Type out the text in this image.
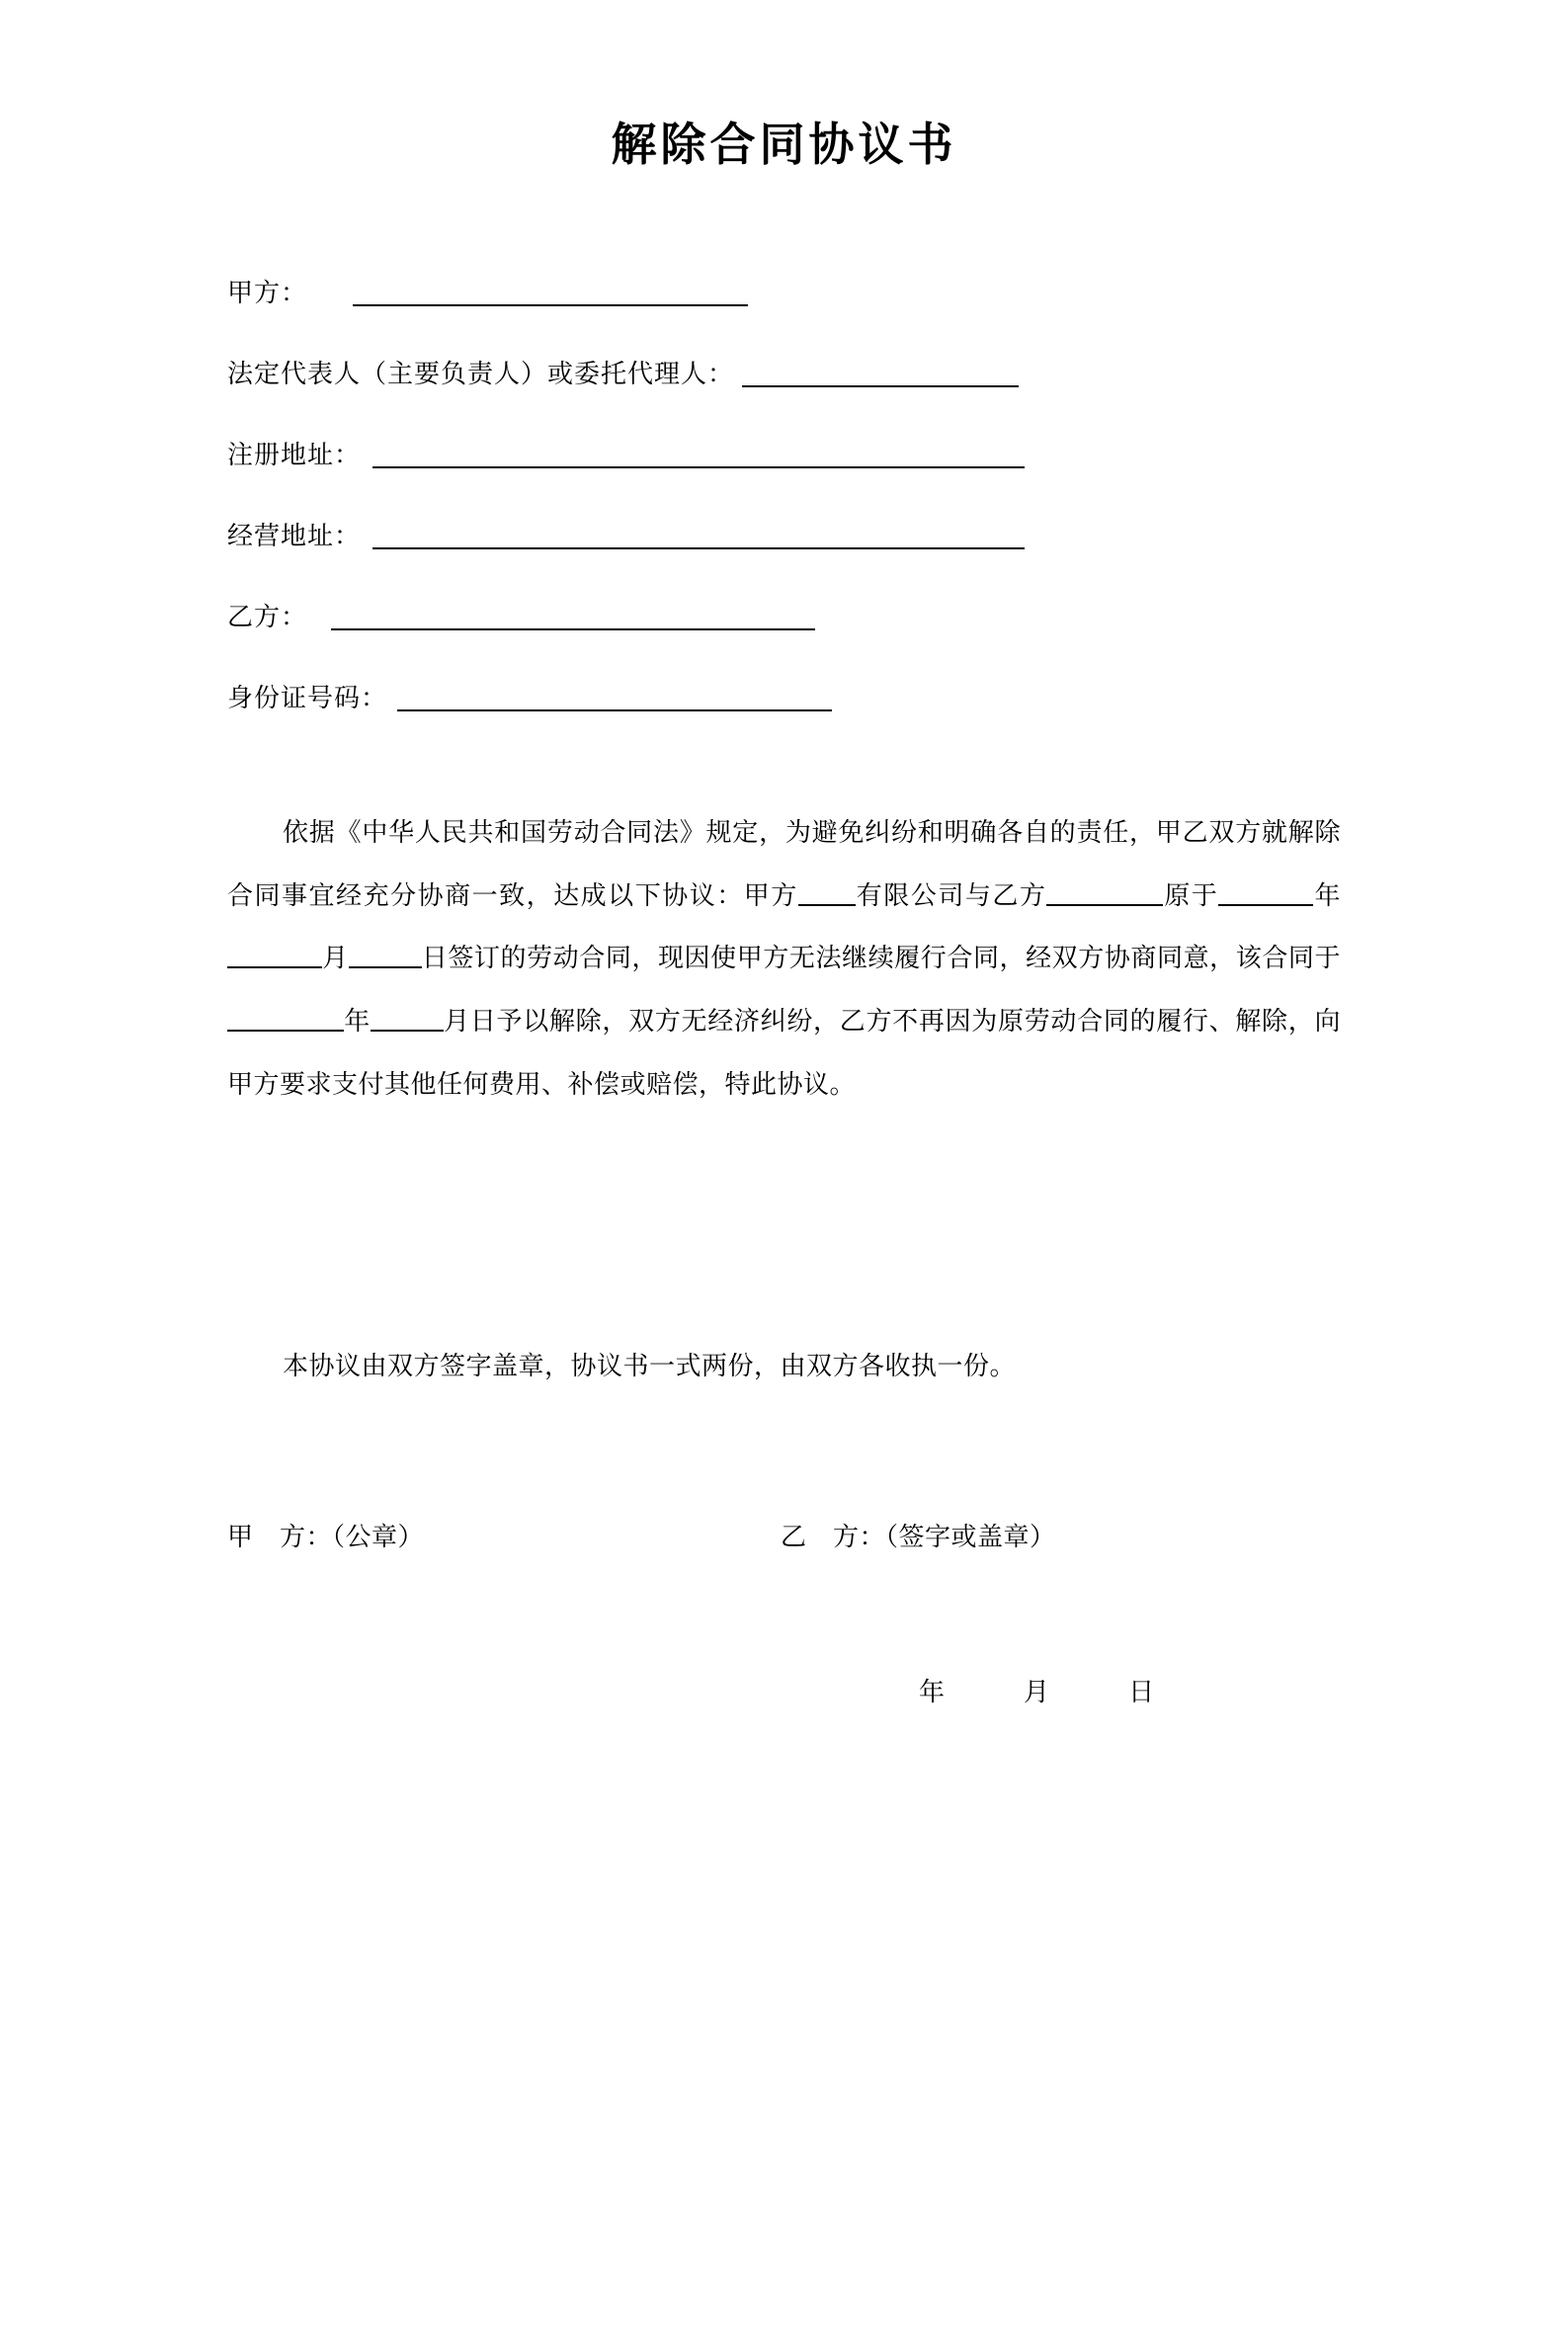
解除合同协议书
甲方：
法定代表人（主要负责人）或委托代理人：
注册地址：
经营地址：
乙方：
身份证号码：

依据《中华人民共和国劳动合同法》规定，为避免纠纷和明确各自的责任，甲乙双方就解除合同事宜经充分协商一致，达成以下协议：甲方 有限公司与乙方	原于	年月	日签订的劳动合同，现因使甲方无法继续履行合同，经双方协商同意，该合同于年	月日予以解除，双方无经济纠纷，乙方不再因为原劳动合同的履行、解除，向甲方要求支付其他任何费用、补偿或赔偿，特此协议。

本协议由双方签字盖章，协议书一式两份，由双方各收执一份。
甲　方：（公章）	乙　方：（签字或盖章）
年	月	日
